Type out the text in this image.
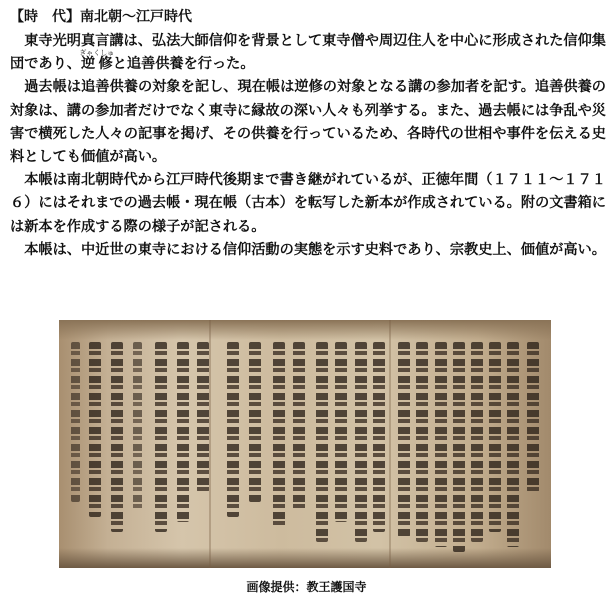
【時　代】南北朝～江戸時代

東寺光明真言講は、弘法大師信仰を背景として東寺僧や周辺住人を中心に形成された信仰集団であり、逆修ぎゃくしゅと追善供養を行った。

過去帳は追善供養の対象を記し、現在帳は逆修の対象となる講の参加者を記す。追善供養の対象は、講の参加者だけでなく東寺に縁故の深い人々も列挙する。また、過去帳には争乱や災害で横死した人々の記事を掲げ、その供養を行っているため、各時代の世相や事件を伝える史料としても価値が高い。

本帳は南北朝時代から江戸時代後期まで書き継がれているが、正徳年間（１７１１～１７１６）にはそれまでの過去帳・現在帳（古本）を転写した新本が作成されている。附の文書箱には新本を作成する際の様子が記される。

本帳は、中近世の東寺における信仰活動の実態を示す史料であり、宗教史上、価値が高い。

画像提供：教王護国寺
